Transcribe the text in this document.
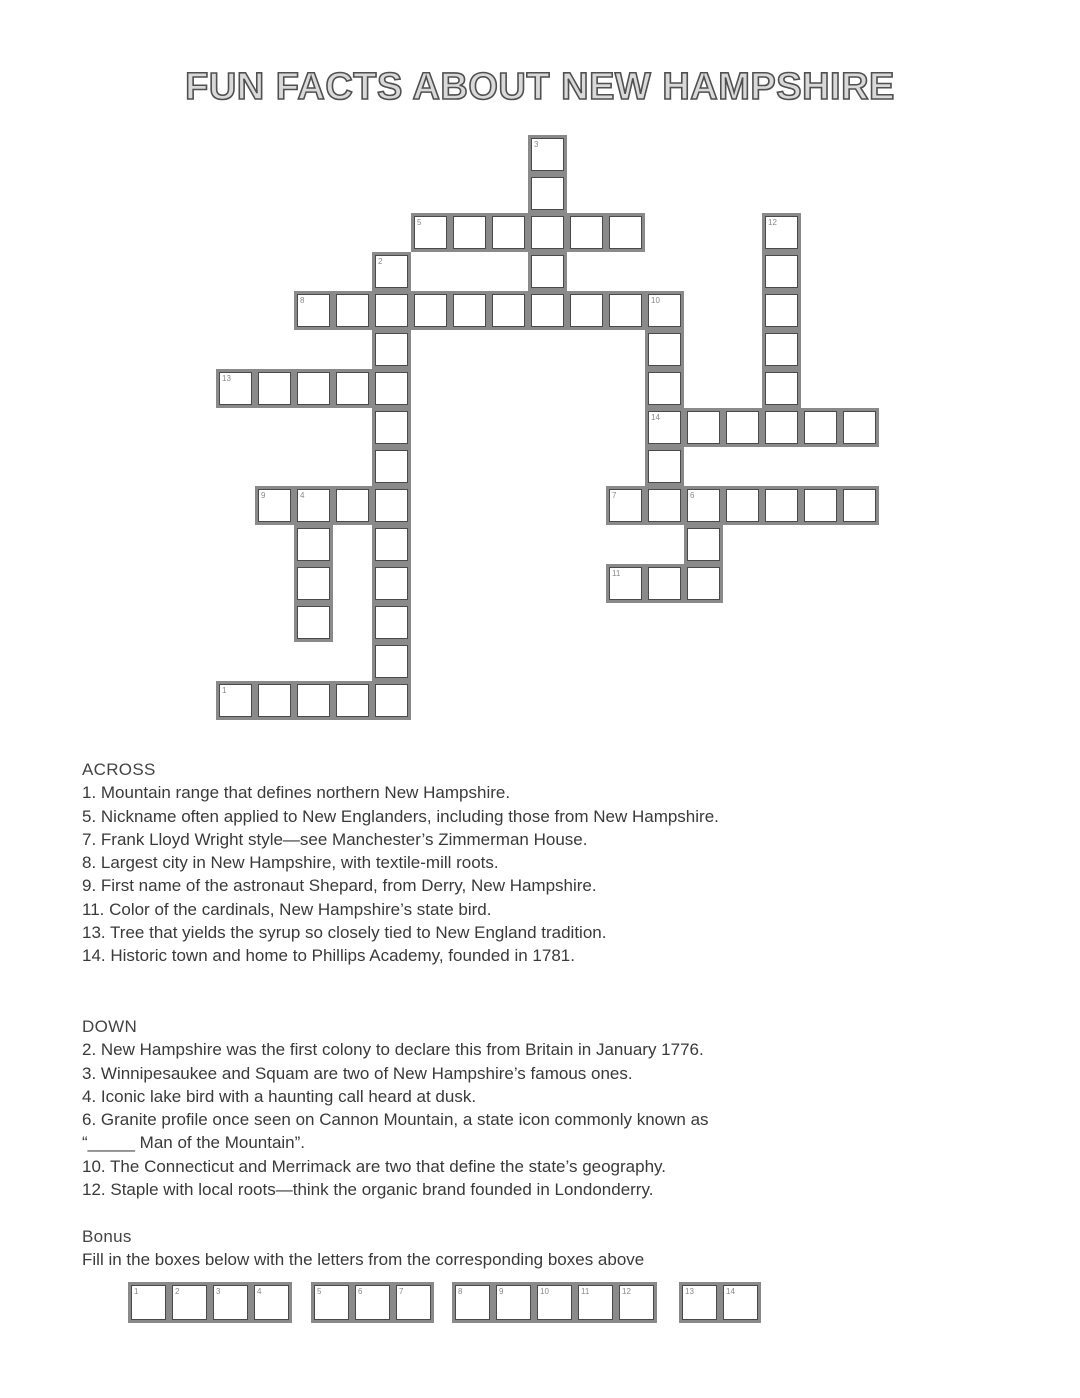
FUN FACTS ABOUT NEW HAMPSHIRE
1
2
3
4
5
6
7
8	10
9
14
11
12
13
ACROSS

1. Mountain range that defines northern New Hampshire.

5. Nickname often applied to New Englanders, including those from New Hampshire.

7. Frank Lloyd Wright style—see Manchester’s Zimmerman House.

8. Largest city in New Hampshire, with textile-mill roots.

9. First name of the astronaut Shepard, from Derry, New Hampshire.

11. Color of the cardinals, New Hampshire’s state bird.

13. Tree that yields the syrup so closely tied to New England tradition.

14. Historic town and home to Phillips Academy, founded in 1781.

DOWN

2. New Hampshire was the first colony to declare this from Britain in January 1776.

3. Winnipesaukee and Squam are two of New Hampshire’s famous ones.

4. Iconic lake bird with a haunting call heard at dusk.

6. Granite profile once seen on Cannon Mountain, a state icon commonly known as

“_____ Man of the Mountain”.

10. The Connecticut and Merrimack are two that define the state’s geography.

12. Staple with local roots—think the organic brand founded in Londonderry.

Bonus

Fill in the boxes below with the letters from the corresponding boxes above

1	2	3	4	5	6	7	8	9	10	11	12	13	14
